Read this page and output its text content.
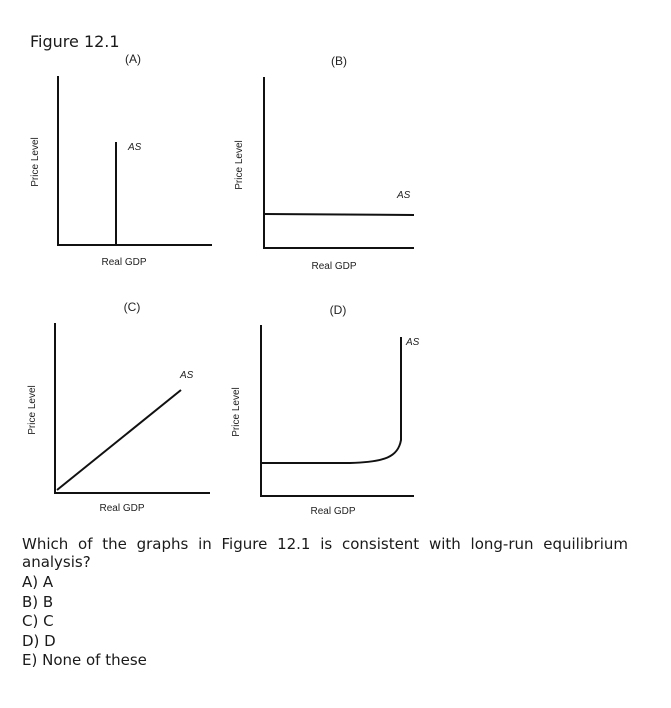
Figure 12.1
(A)
AS
Real GDP
Price Level
(B)
AS
Real GDP
Price Level
(C)
AS
Real GDP
Price Level
(D)
AS
Real GDP
Price Level
Which of the graphs in Figure 12.1 is consistent with long-run equilibrium analysis?
A) A
B) B
C) C
D) D
E) None of these
